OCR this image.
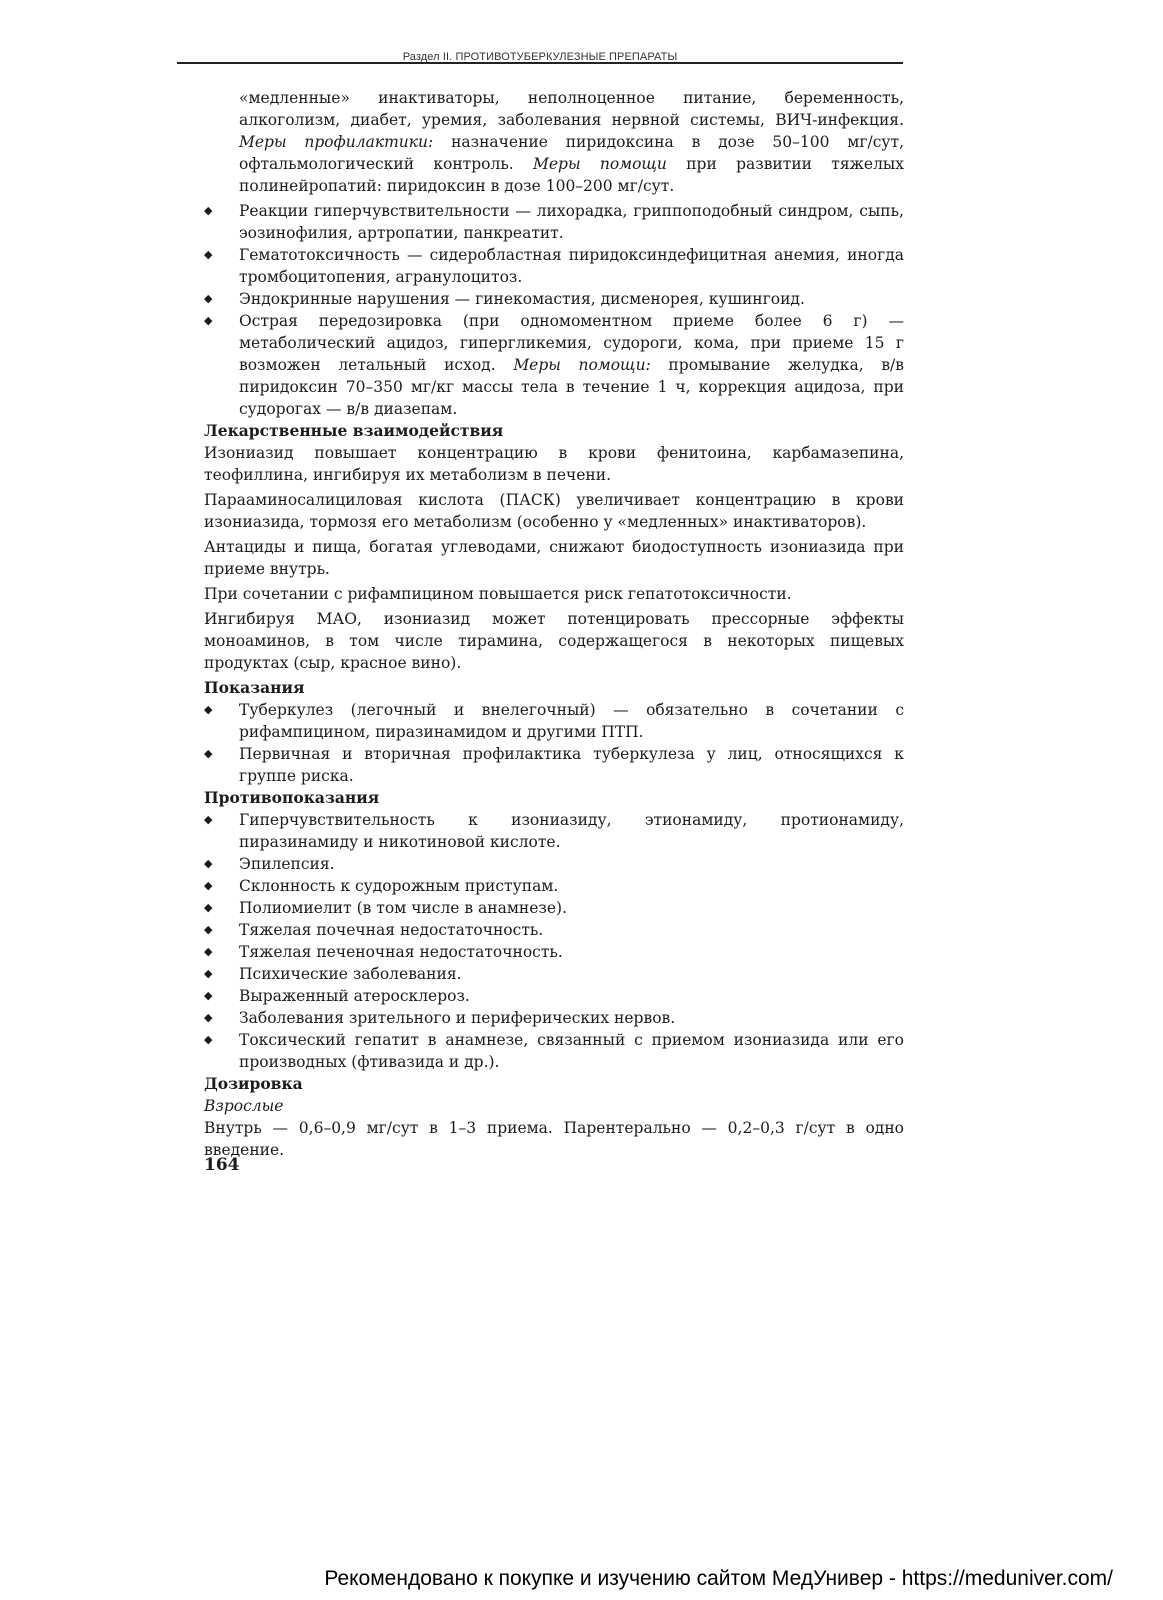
$_{Раздел II. ПРОТИВОТУБЕРКУЛЕЗНЫЕ ПРЕПАРАТЫ}$

«медленные» инактиваторы, неполноценное питание, беременность, алкоголизм, диабет, уремия, заболевания нервной системы, ВИЧ-инфекция. Меры профилактики: назначение пиридоксина в дозе 50–100 мг/сут, офтальмологический контроль. Меры помощи при развитии тяжелых полинейропатий: пиридоксин в дозе 100–200 мг/сут.

◆ Реакции гиперчувствительности — лихорадка, гриппоподобный синдром, сыпь, эозинофилия, артропатии, панкреатит.
◆ Гематотоксичность — сидеробластная пиридоксиндефицитная анемия, иногда тромбоцитопения, агранулоцитоз.
◆ Эндокринные нарушения — гинекомастия, дисменорея, кушингоид.
◆ Острая передозировка (при одномоментном приеме более 6 г) — метаболический ацидоз, гипергликемия, судороги, кома, при приеме 15 г возможен летальный исход. Меры помощи: промывание желудка, в/в пиридоксин 70–350 мг/кг массы тела в течение 1 ч, коррекция ацидоза, при судорогах — в/в диазепам.

Лекарственные взаимодействия

Изониазид повышает концентрацию в крови фенитоина, карбамазепина, теофиллина, ингибируя их метаболизм в печени.

Парааминосалициловая кислота (ПАСК) увеличивает концентрацию в крови изониазида, тормозя его метаболизм (особенно у «медленных» инактиваторов).

Антациды и пища, богатая углеводами, снижают биодоступность изониазида при приеме внутрь.

При сочетании с рифампицином повышается риск гепатотоксичности.

Ингибируя МАО, изониазид может потенцировать прессорные эффекты моноаминов, в том числе тирамина, содержащегося в некоторых пищевых продуктах (сыр, красное вино).

Показания

◆ Туберкулез (легочный и внелегочный) — обязательно в сочетании с рифампицином, пиразинамидом и другими ПТП.
◆ Первичная и вторичная профилактика туберкулеза у лиц, относящихся к группе риска.

Противопоказания

◆ Гиперчувствительность к изониазиду, этионамиду, протионамиду, пиразинамиду и никотиновой кислоте.
◆ Эпилепсия.
◆ Склонность к судорожным приступам.
◆ Полиомиелит (в том числе в анамнезе).
◆ Тяжелая почечная недостаточность.
◆ Тяжелая печеночная недостаточность.
◆ Психические заболевания.
◆ Выраженный атеросклероз.
◆ Заболевания зрительного и периферических нервов.
◆ Токсический гепатит в анамнезе, связанный с приемом изониазида или его производных (фтивазида и др.).

Дозировка

Взрослые

Внутрь — 0,6–0,9 мг/сут в 1–3 приема. Парентерально — 0,2–0,3 г/сут в одно введение.

164
Рекомендовано к покупке и изучению сайтом МедУнивер - https://meduniver.com/
